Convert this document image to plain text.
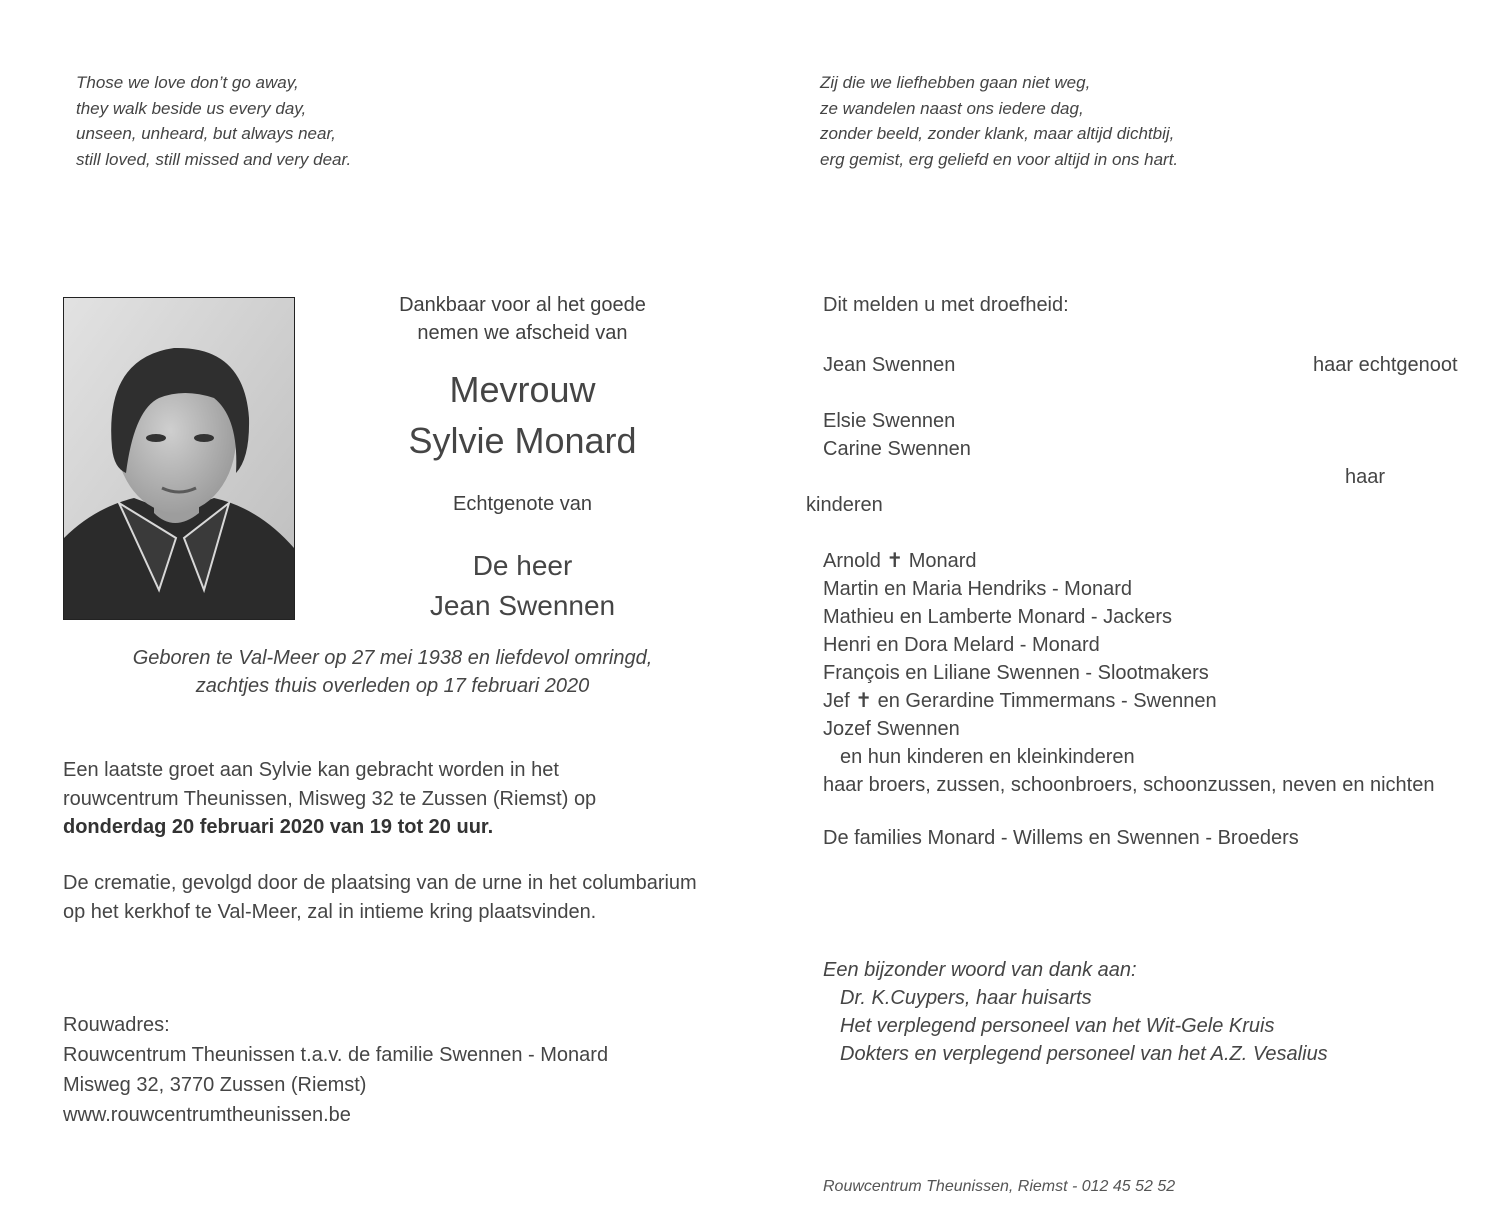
Those we love don’t go away,
they walk beside us every day,
unseen, unheard, but always near,
still loved, still missed and very dear.
Zij die we liefhebben gaan niet weg,
ze wandelen naast ons iedere dag,
zonder beeld, zonder klank, maar altijd dichtbij,
erg gemist, erg geliefd en voor altijd in ons hart.
Dankbaar voor al het goede
nemen we afscheid van
Mevrouw
Sylvie Monard
Echtgenote van
De heer
Jean Swennen
Geboren te Val-Meer op 27 mei 1938 en liefdevol omringd,
zachtjes thuis overleden op 17 februari 2020
Een laatste groet aan Sylvie kan gebracht worden in het
rouwcentrum Theunissen, Misweg 32 te Zussen (Riemst) op
donderdag 20 februari 2020 van 19 tot 20 uur.
De crematie, gevolgd door de plaatsing van de urne in het columbarium
op het kerkhof te Val-Meer, zal in intieme kring plaatsvinden.
Rouwadres:
Rouwcentrum Theunissen t.a.v. de familie Swennen - Monard
Misweg 32, 3770 Zussen (Riemst)
www.rouwcentrumtheunissen.be
Dit melden u met droefheid:
Jean Swennen	haar echtgenoot
Elsie Swennen
Carine Swennen
haar
kinderen
Arnold ✝ Monard
Martin en Maria Hendriks - Monard
Mathieu en Lamberte Monard - Jackers
Henri en Dora Melard - Monard
François en Liliane Swennen - Slootmakers
Jef ✝ en Gerardine Timmermans - Swennen
Jozef Swennen
en hun kinderen en kleinkinderen
haar broers, zussen, schoonbroers, schoonzussen, neven en nichten
De families Monard - Willems en Swennen - Broeders
Een bijzonder woord van dank aan:
Dr. K.Cuypers, haar huisarts
Het verplegend personeel van het Wit-Gele Kruis
Dokters en verplegend personeel van het A.Z. Vesalius
Rouwcentrum Theunissen, Riemst - 012 45 52 52
